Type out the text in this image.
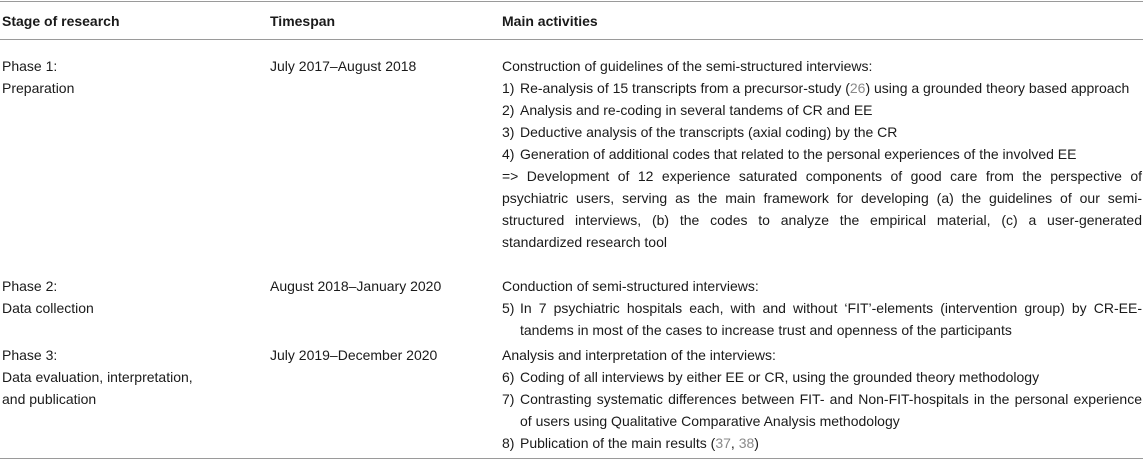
Stage of research	Timespan	Main activities
Phase 1:
Preparation
July 2017–August 2018	Construction of guidelines of the semi-structured interviews:
1) Re-analysis of 15 transcripts from a precursor-study (26) using a grounded theory based approach
2) Analysis and re-coding in several tandems of CR and EE
3) Deductive analysis of the transcripts (axial coding) by the CR
4) Generation of additional codes that related to the personal experiences of the involved EE
=> Development of 12 experience saturated components of good care from the perspective of psychiatric users, serving as the main framework for developing (a) the guidelines of our semi-structured interviews, (b) the codes to analyze the empirical material, (c) a user-generated standardized research tool
Phase 2:
Data collection
August 2018–January 2020	Conduction of semi-structured interviews:
5) In 7 psychiatric hospitals each, with and without ‘FIT’-elements (intervention group) by CR-EE-tandems in most of the cases to increase trust and openness of the participants
Phase 3:
Data evaluation, interpretation,
and publication
July 2019–December 2020	Analysis and interpretation of the interviews:
6) Coding of all interviews by either EE or CR, using the grounded theory methodology
7) Contrasting systematic differences between FIT- and Non-FIT-hospitals in the personal experience of users using Qualitative Comparative Analysis methodology
8) Publication of the main results (37, 38)
